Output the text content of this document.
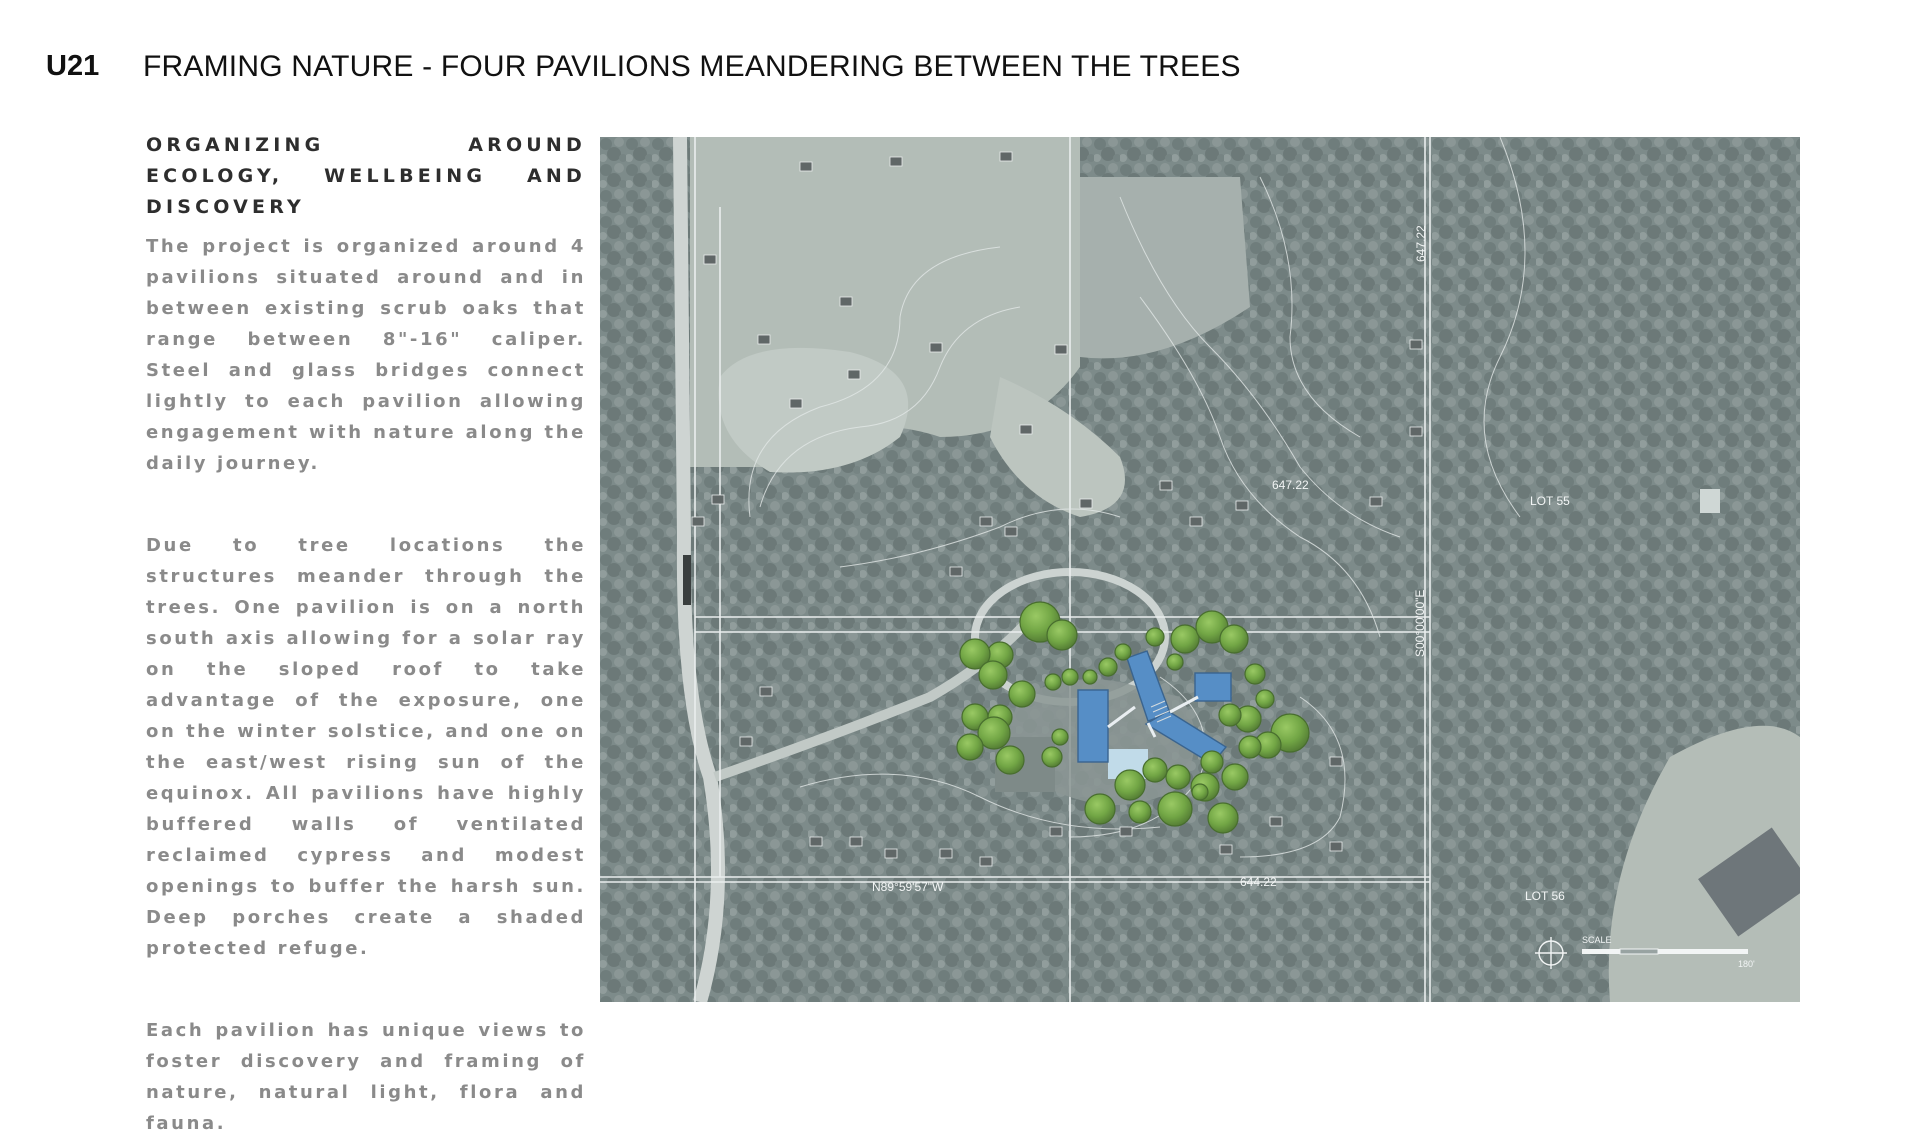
U21 FRAMING NATURE - FOUR PAVILIONS MEANDERING BETWEEN THE TREES

ORGANIZING AROUND ECOLOGY, WELLBEING AND DISCOVERY

The project is organized around 4 pavilions situated around and in between existing scrub oaks that range between 8"-16" caliper. Steel and glass bridges connect lightly to each pavilion allowing engagement with nature along the daily journey.

Due to tree locations the structures meander through the trees. One pavilion is on a north south axis allowing for a solar ray on the sloped roof to take advantage of the exposure, one on the winter solstice, and one on the east/west rising sun of the equinox. All pavilions have highly buffered walls of ventilated reclaimed cypress and modest openings to buffer the harsh sun. Deep porches create a shaded protected refuge.

Each pavilion has unique views to foster discovery and framing of nature, natural light, flora and fauna.

LOT 55
LOT 56
647.22
644.22
N89°59'57"W
S00°00'00"E
647.22
SCALE
180'
